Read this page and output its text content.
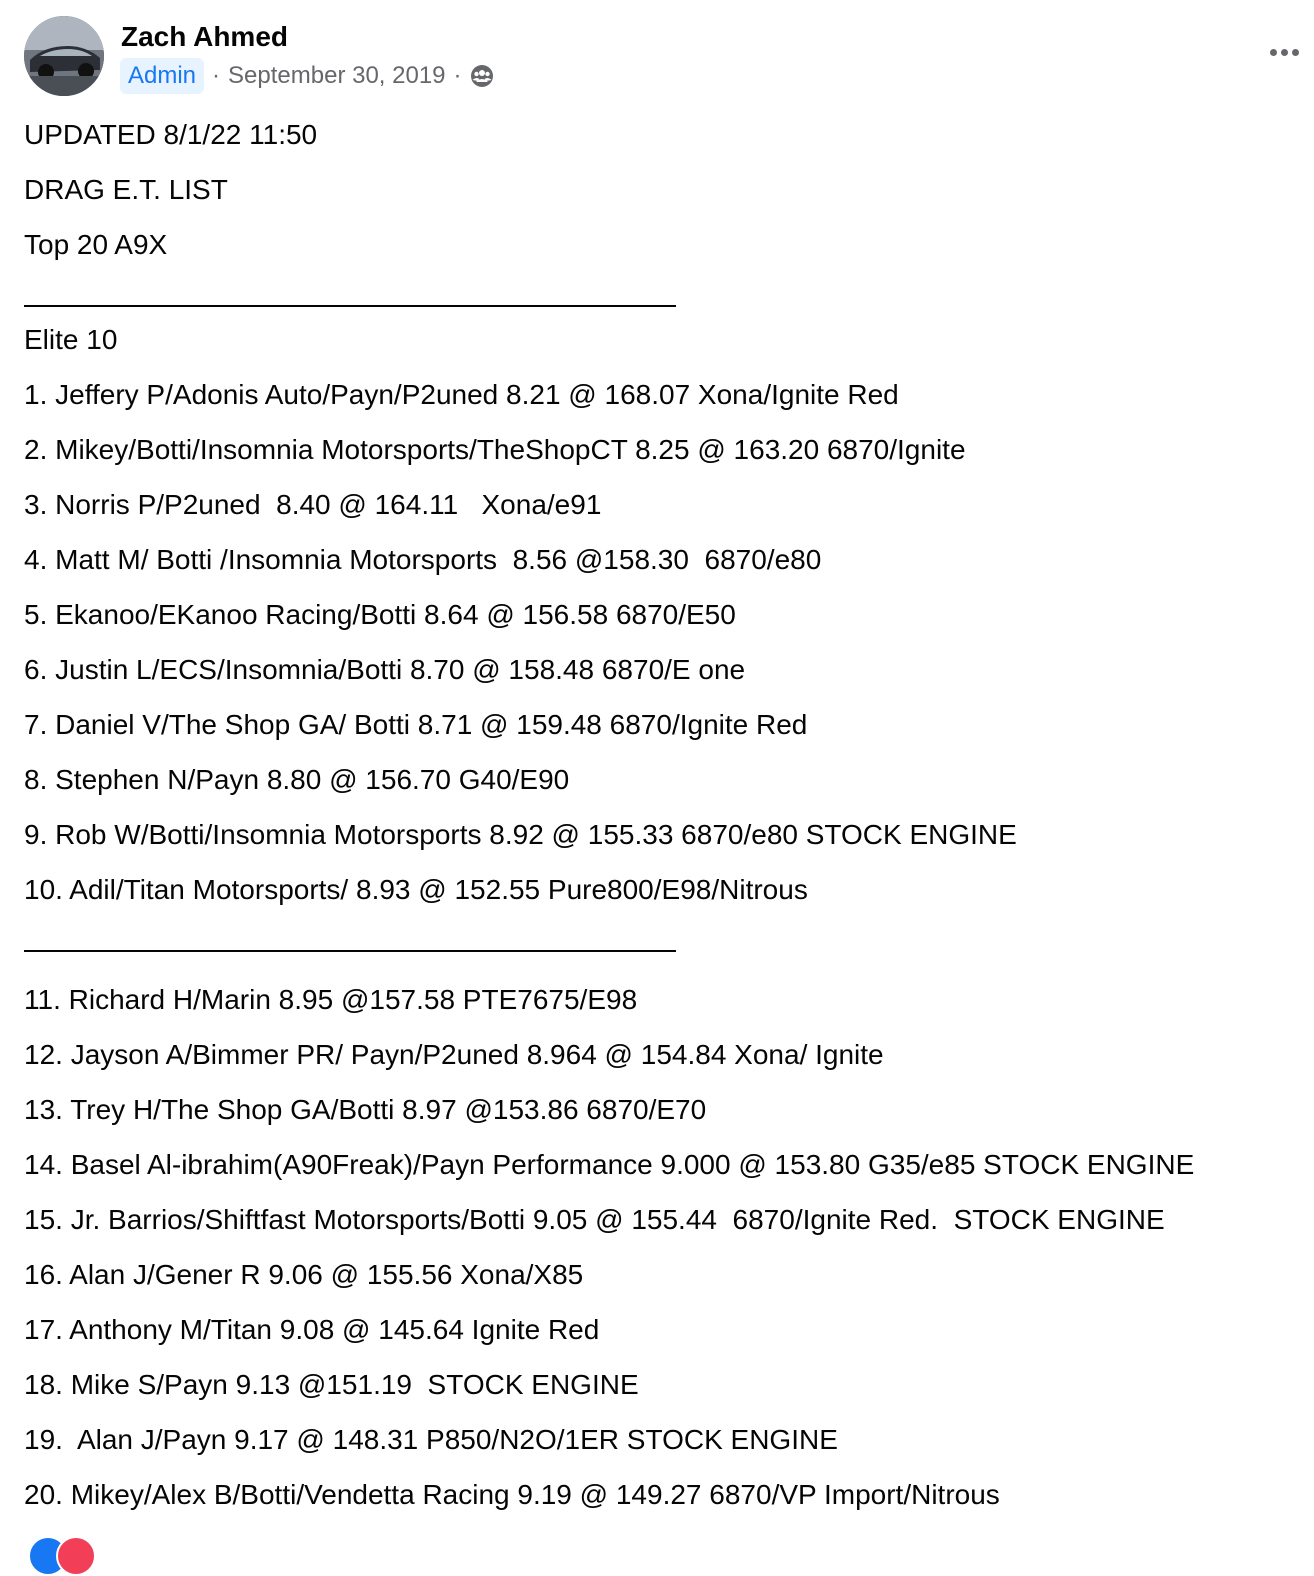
Zach Ahmed
Admin · September 30, 2019 ·
UPDATED 8/1/22 11:50
DRAG E.T. LIST
Top 20 A9X
Elite 10
1. Jeffery P/Adonis Auto/Payn/P2uned 8.21 @ 168.07 Xona/Ignite Red
2. Mikey/Botti/Insomnia Motorsports/TheShopCT 8.25 @ 163.20 6870/Ignite
3. Norris P/P2uned  8.40 @ 164.11   Xona/e91
4. Matt M/ Botti /Insomnia Motorsports  8.56 @158.30  6870/e80
5. Ekanoo/EKanoo Racing/Botti 8.64 @ 156.58 6870/E50
6. Justin L/ECS/Insomnia/Botti 8.70 @ 158.48 6870/E one
7. Daniel V/The Shop GA/ Botti 8.71 @ 159.48 6870/Ignite Red
8. Stephen N/Payn 8.80 @ 156.70 G40/E90
9. Rob W/Botti/Insomnia Motorsports 8.92 @ 155.33 6870/e80 STOCK ENGINE
10. Adil/Titan Motorsports/ 8.93 @ 152.55 Pure800/E98/Nitrous
11. Richard H/Marin 8.95 @157.58 PTE7675/E98
12. Jayson A/Bimmer PR/ Payn/P2uned 8.964 @ 154.84 Xona/ Ignite
13. Trey H/The Shop GA/Botti 8.97 @153.86 6870/E70
14. Basel Al-ibrahim(A90Freak)/Payn Performance 9.000 @ 153.80 G35/e85 STOCK ENGINE
15. Jr. Barrios/Shiftfast Motorsports/Botti 9.05 @ 155.44  6870/Ignite Red.  STOCK ENGINE
16. Alan J/Gener R 9.06 @ 155.56 Xona/X85
17. Anthony M/Titan 9.08 @ 145.64 Ignite Red
18. Mike S/Payn 9.13 @151.19  STOCK ENGINE
19.  Alan J/Payn 9.17 @ 148.31 P850/N2O/1ER STOCK ENGINE
20. Mikey/Alex B/Botti/Vendetta Racing 9.19 @ 149.27 6870/VP Import/Nitrous
